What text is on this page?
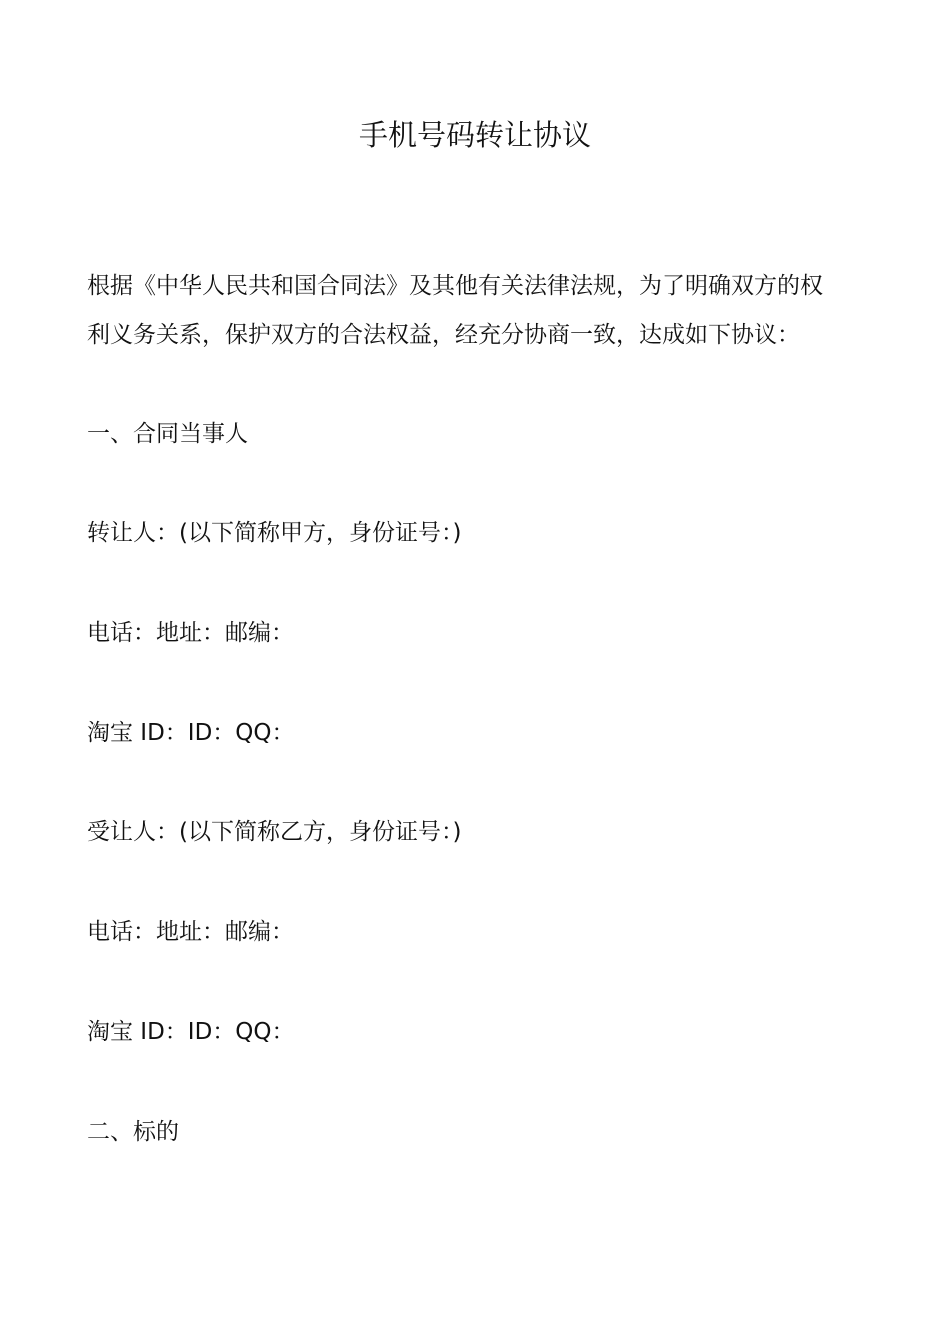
手机号码转让协议
根据《中华人民共和国合同法》及其他有关法律法规，为了明确双方的权
利义务关系，保护双方的合法权益，经充分协商一致，达成如下协议：
一、合同当事人
转让人：(以下简称甲方，身份证号：)
电话：地址：邮编：
淘宝 ID：ID：QQ：
受让人：(以下简称乙方，身份证号：)
电话：地址：邮编：
淘宝 ID：ID：QQ：
二、标的
